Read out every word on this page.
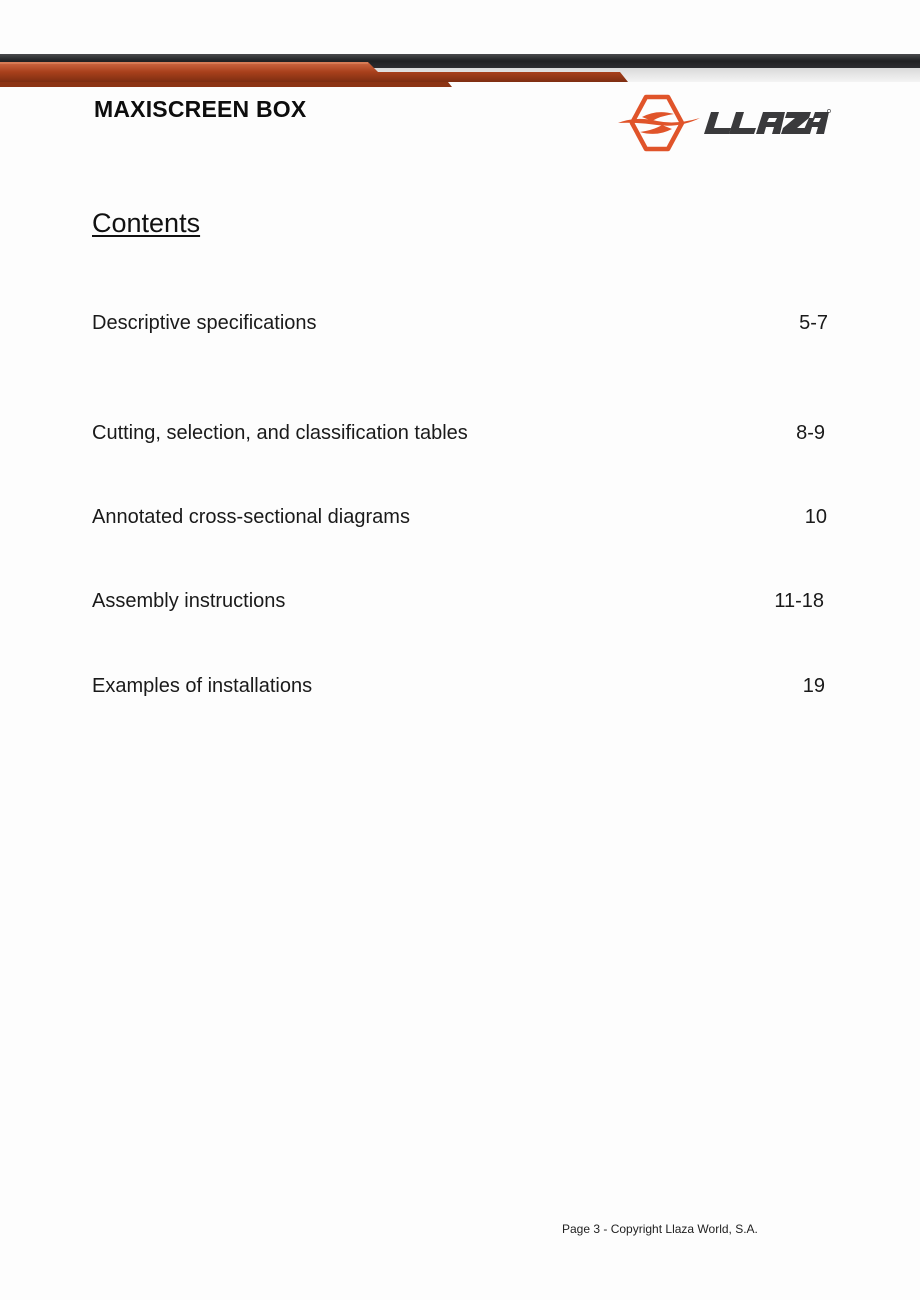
MAXISCREEN BOX
Contents
Descriptive specifications	5-7
Cutting, selection, and classification tables	8-9
Annotated cross-sectional diagrams	10
Assembly instructions	11-18
Examples of installations	19
Page 3 - Copyright Llaza World, S.A.
